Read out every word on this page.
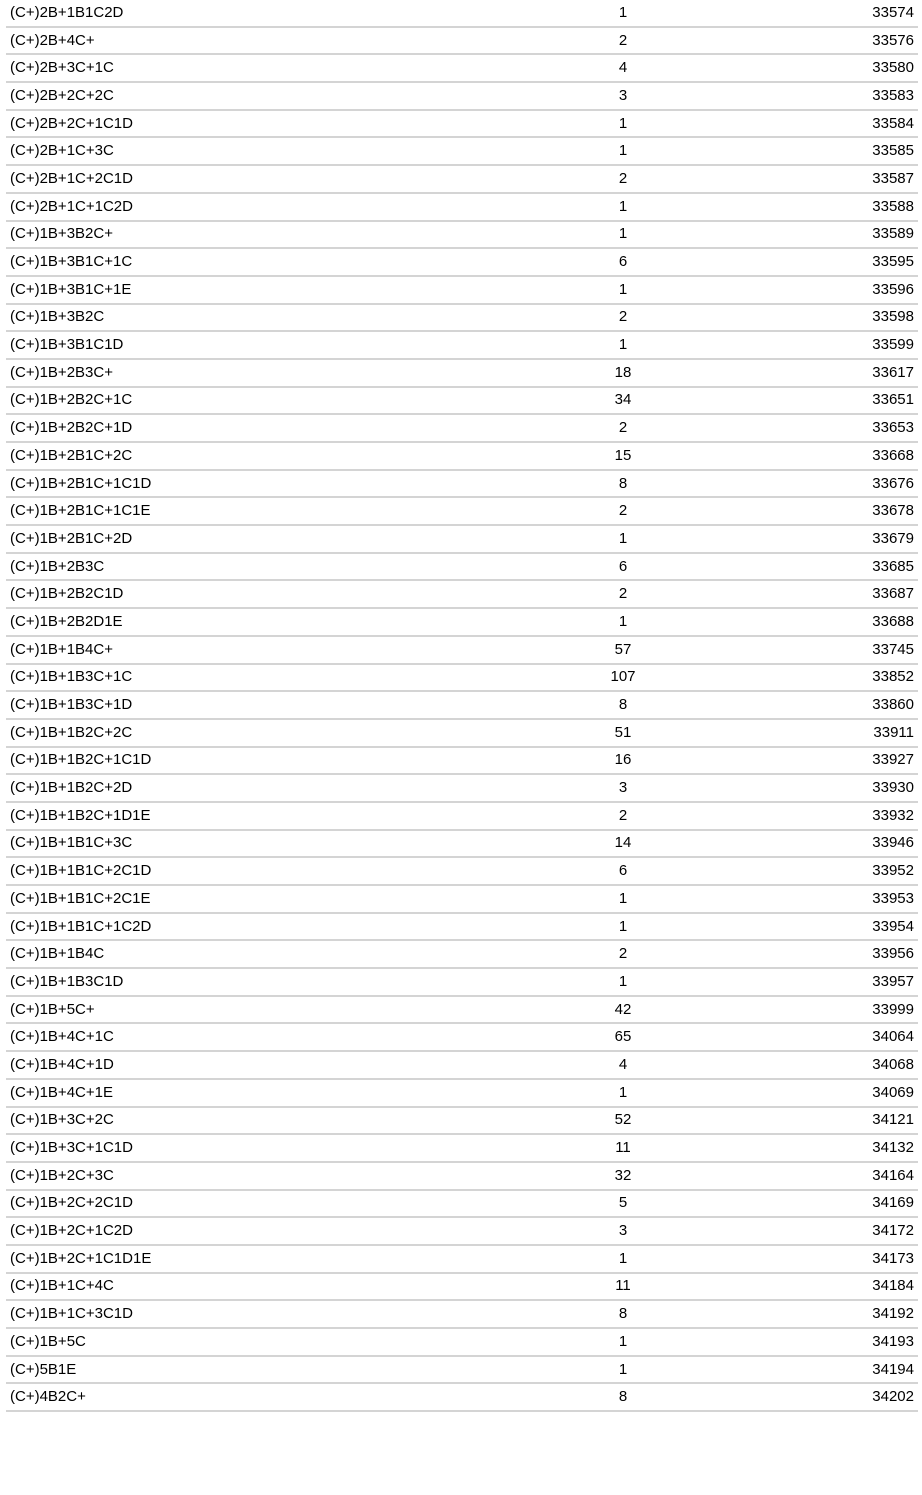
(C+)2B+1B1C2D	1	33574
(C+)2B+4C+	2	33576
(C+)2B+3C+1C	4	33580
(C+)2B+2C+2C	3	33583
(C+)2B+2C+1C1D	1	33584
(C+)2B+1C+3C	1	33585
(C+)2B+1C+2C1D	2	33587
(C+)2B+1C+1C2D	1	33588
(C+)1B+3B2C+	1	33589
(C+)1B+3B1C+1C	6	33595
(C+)1B+3B1C+1E	1	33596
(C+)1B+3B2C	2	33598
(C+)1B+3B1C1D	1	33599
(C+)1B+2B3C+	18	33617
(C+)1B+2B2C+1C	34	33651
(C+)1B+2B2C+1D	2	33653
(C+)1B+2B1C+2C	15	33668
(C+)1B+2B1C+1C1D	8	33676
(C+)1B+2B1C+1C1E	2	33678
(C+)1B+2B1C+2D	1	33679
(C+)1B+2B3C	6	33685
(C+)1B+2B2C1D	2	33687
(C+)1B+2B2D1E	1	33688
(C+)1B+1B4C+	57	33745
(C+)1B+1B3C+1C	107	33852
(C+)1B+1B3C+1D	8	33860
(C+)1B+1B2C+2C	51	33911
(C+)1B+1B2C+1C1D	16	33927
(C+)1B+1B2C+2D	3	33930
(C+)1B+1B2C+1D1E	2	33932
(C+)1B+1B1C+3C	14	33946
(C+)1B+1B1C+2C1D	6	33952
(C+)1B+1B1C+2C1E	1	33953
(C+)1B+1B1C+1C2D	1	33954
(C+)1B+1B4C	2	33956
(C+)1B+1B3C1D	1	33957
(C+)1B+5C+	42	33999
(C+)1B+4C+1C	65	34064
(C+)1B+4C+1D	4	34068
(C+)1B+4C+1E	1	34069
(C+)1B+3C+2C	52	34121
(C+)1B+3C+1C1D	11	34132
(C+)1B+2C+3C	32	34164
(C+)1B+2C+2C1D	5	34169
(C+)1B+2C+1C2D	3	34172
(C+)1B+2C+1C1D1E	1	34173
(C+)1B+1C+4C	11	34184
(C+)1B+1C+3C1D	8	34192
(C+)1B+5C	1	34193
(C+)5B1E	1	34194
(C+)4B2C+	8	34202
